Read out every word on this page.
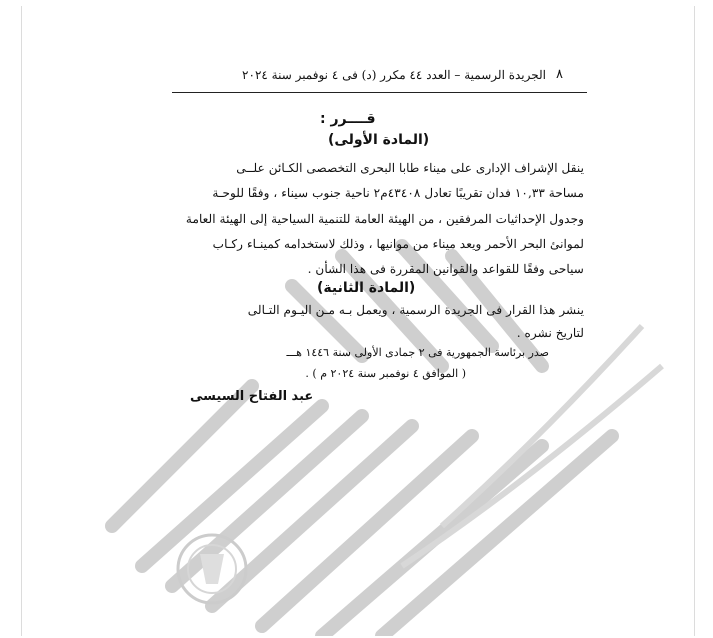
٨
الجريدة الرسمية – العدد ٤٤ مكرر (د) فى ٤ نوفمبر سنة ٢٠٢٤
قــــرر :
(المادة الأولى)
ينقل الإشراف الإدارى على ميناء طابا البحرى التخصصى الكـائن علــى
مساحة ١٠,٣٣ فدان تقريبًا تعادل ٤٣٤٠٨م٢ ناحية جنوب سيناء ، وفقًا للوحـة
وجدول الإحداثيات المرفقين ، من الهيئة العامة للتنمية السياحية إلى الهيئة العامة
لموانئ البحر الأحمر ويعد ميناء من موانيها ، وذلك لاستخدامه كمينـاء ركـاب
سياحى وفقًا للقواعد والقوانين المقررة فى هذا الشأن .
(المادة الثانية)
ينشر هذا القرار فى الجريدة الرسمية ، ويعمل بـه مـن اليـوم التـالى
لتاريخ نشره .
صدر برئاسة الجمهورية فى ٢ جمادى الأولى سنة ١٤٤٦ هـــ
( الموافق ٤ نوفمبر سنة ٢٠٢٤ م ) .
عبد الفتاح السيسى
